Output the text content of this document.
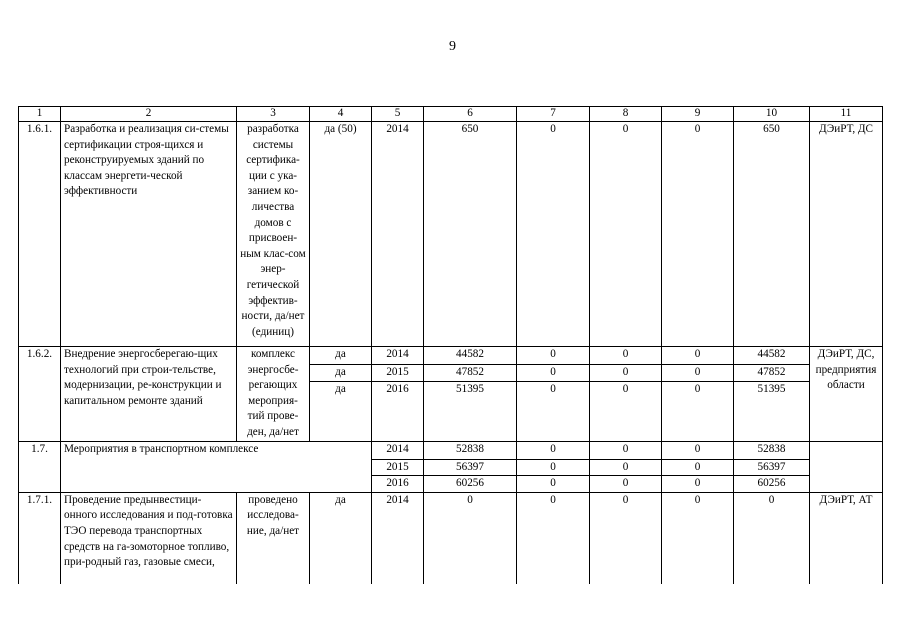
9
1	2	3	4	5	6	7	8	9	10	11
1.6.1.	Разработка и реализация си-стемы сертификации строя-щихся и реконструируемых зданий по классам энергети-ческой эффективности	разработка системы сертифика-ции с ука-занием ко-личества домов с присвоен-ным клас-сом энер-гетической эффектив-ности, да/нет (единиц)	да (50)	2014	650	0	0	0	650	ДЭиРТ, ДС
1.6.2.	Внедрение энергосберегаю-щих технологий при строи-тельстве, модернизации, ре-конструкции и капитальном ремонте зданий	комплекс энергосбе-регающих мероприя-тий прове-ден, да/нет	да	2014	44582	0	0	0	44582	ДЭиРТ, ДС, предприятия области
			да	2015	47852	0	0	0	47852	
			да	2016	51395	0	0	0	51395	
1.7.	Мероприятия в транспортном комплексе			2014	52838	0	0	0	52838	
				2015	56397	0	0	0	56397	
				2016	60256	0	0	0	60256	
1.7.1.	Проведение предынвестици-онного исследования и под-готовка ТЭО перевода транспортных средств на га-зомоторное топливо, при-родный газ, газовые смеси,	проведено исследова-ние, да/нет	да	2014	0	0	0	0	0	ДЭиРТ, АТ
